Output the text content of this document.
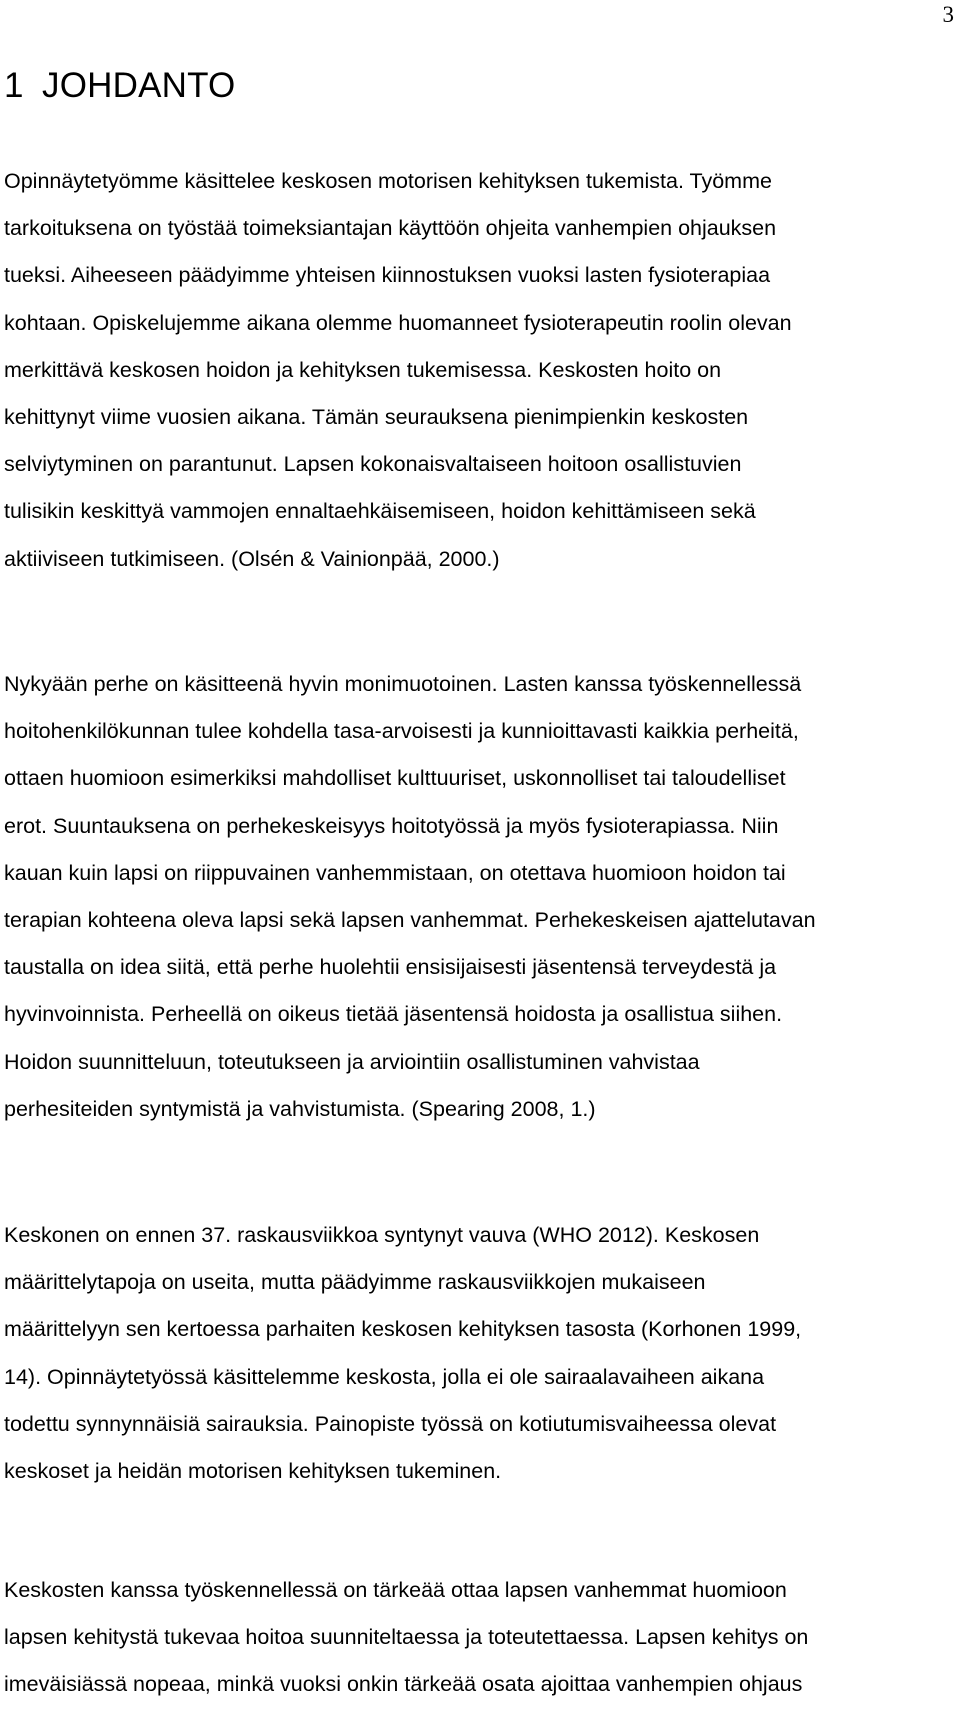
3
1 JOHDANTO
Opinnäytetyömme käsittelee keskosen motorisen kehityksen tukemista. Työmme
tarkoituksena on työstää toimeksiantajan käyttöön ohjeita vanhempien ohjauksen
tueksi. Aiheeseen päädyimme yhteisen kiinnostuksen vuoksi lasten fysioterapiaa
kohtaan. Opiskelujemme aikana olemme huomanneet fysioterapeutin roolin olevan
merkittävä keskosen hoidon ja kehityksen tukemisessa. Keskosten hoito on
kehittynyt viime vuosien aikana. Tämän seurauksena pienimpienkin keskosten
selviytyminen on parantunut. Lapsen kokonaisvaltaiseen hoitoon osallistuvien
tulisikin keskittyä vammojen ennaltaehkäisemiseen, hoidon kehittämiseen sekä
aktiiviseen tutkimiseen. (Olsén & Vainionpää, 2000.)
Nykyään perhe on käsitteenä hyvin monimuotoinen. Lasten kanssa työskennellessä
hoitohenkilökunnan tulee kohdella tasa-arvoisesti ja kunnioittavasti kaikkia perheitä,
ottaen huomioon esimerkiksi mahdolliset kulttuuriset, uskonnolliset tai taloudelliset
erot. Suuntauksena on perhekeskeisyys hoitotyössä ja myös fysioterapiassa. Niin
kauan kuin lapsi on riippuvainen vanhemmistaan, on otettava huomioon hoidon tai
terapian kohteena oleva lapsi sekä lapsen vanhemmat. Perhekeskeisen ajattelutavan
taustalla on idea siitä, että perhe huolehtii ensisijaisesti jäsentensä terveydestä ja
hyvinvoinnista. Perheellä on oikeus tietää jäsentensä hoidosta ja osallistua siihen.
Hoidon suunnitteluun, toteutukseen ja arviointiin osallistuminen vahvistaa
perhesiteiden syntymistä ja vahvistumista. (Spearing 2008, 1.)
Keskonen on ennen 37. raskausviikkoa syntynyt vauva (WHO 2012). Keskosen
määrittelytapoja on useita, mutta päädyimme raskausviikkojen mukaiseen
määrittelyyn sen kertoessa parhaiten keskosen kehityksen tasosta (Korhonen 1999,
14). Opinnäytetyössä käsittelemme keskosta, jolla ei ole sairaalavaiheen aikana
todettu synnynnäisiä sairauksia. Painopiste työssä on kotiutumisvaiheessa olevat
keskoset ja heidän motorisen kehityksen tukeminen.
Keskosten kanssa työskennellessä on tärkeää ottaa lapsen vanhemmat huomioon
lapsen kehitystä tukevaa hoitoa suunniteltaessa ja toteutettaessa. Lapsen kehitys on
imeväisiässä nopeaa, minkä vuoksi onkin tärkeää osata ajoittaa vanhempien ohjaus
